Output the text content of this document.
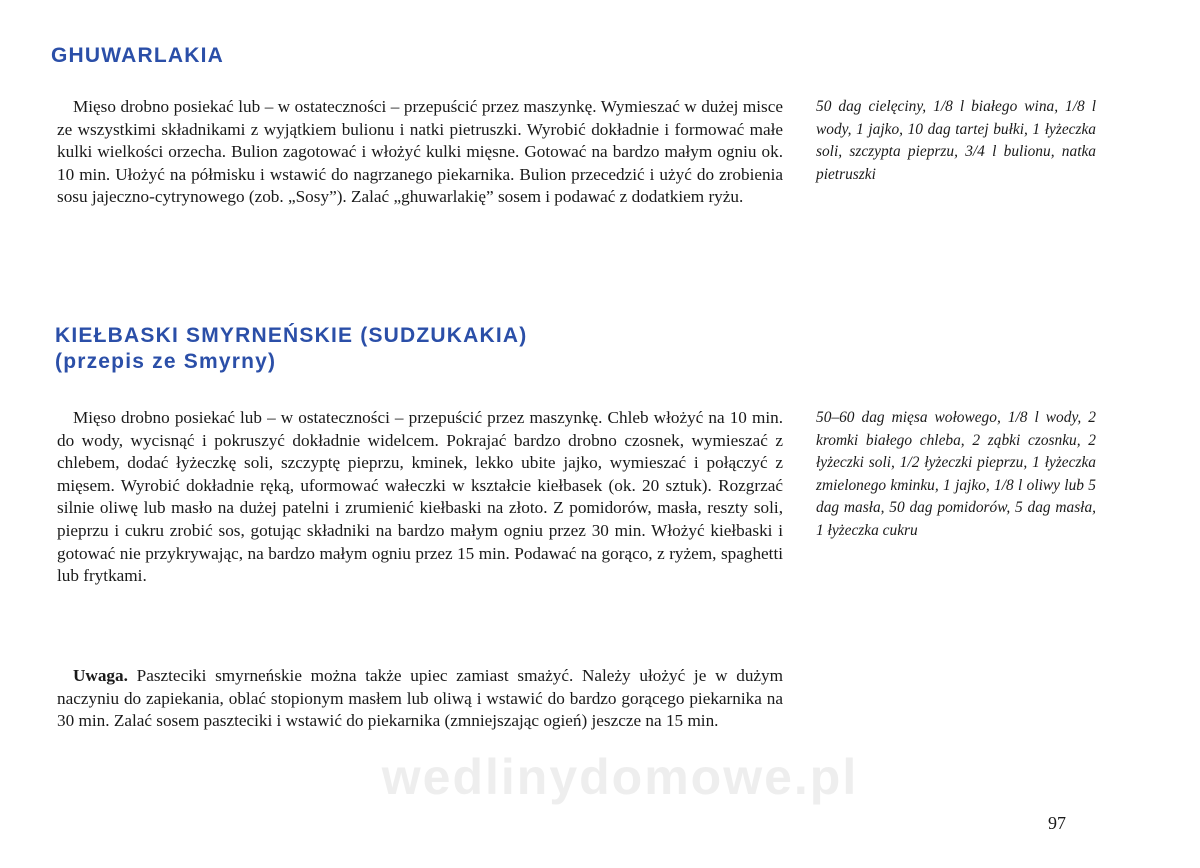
GHUWARLAKIA

Mięso drobno posiekać lub – w ostateczności – przepuścić przez maszynkę. Wymieszać w dużej misce ze wszystkimi składnikami z wyjątkiem bulionu i natki pietruszki. Wyrobić dokładnie i formować małe kulki wielkości orzecha. Bulion zagotować i włożyć kulki mięsne. Gotować na bardzo małym ogniu ok. 10 min. Ułożyć na półmisku i wstawić do nagrzanego piekarnika. Bulion przecedzić i użyć do zrobienia sosu jajeczno-cytrynowego (zob. „Sosy”). Zalać „ghuwarlakię” sosem i podawać z dodatkiem ryżu.

50 dag cielęciny, 1/8 l białego wina, 1/8 l wody, 1 jajko, 10 dag tartej bułki, 1 łyżeczka soli, szczypta pieprzu, 3/4 l bulionu, natka pietruszki

KIEŁBASKI SMYRNEŃSKIE (SUDZUKAKIA)
(przepis ze Smyrny)

Mięso drobno posiekać lub – w ostateczności – przepuścić przez maszynkę. Chleb włożyć na 10 min. do wody, wycisnąć i pokruszyć dokładnie widelcem. Pokrajać bardzo drobno czosnek, wymieszać z chlebem, dodać łyżeczkę soli, szczyptę pieprzu, kminek, lekko ubite jajko, wymieszać i połączyć z mięsem. Wyrobić dokładnie ręką, uformować wałeczki w kształcie kiełbasek (ok. 20 sztuk). Rozgrzać silnie oliwę lub masło na dużej patelni i zrumienić kiełbaski na złoto. Z pomidorów, masła, reszty soli, pieprzu i cukru zrobić sos, gotując składniki na bardzo małym ogniu przez 30 min. Włożyć kiełbaski i gotować nie przykrywając, na bardzo małym ogniu przez 15 min. Podawać na gorąco, z ryżem, spaghetti lub frytkami.

Uwaga. Paszteciki smyrneńskie można także upiec zamiast smażyć. Należy ułożyć je w dużym naczyniu do zapiekania, oblać stopionym masłem lub oliwą i wstawić do bardzo gorącego piekarnika na 30 min. Zalać sosem paszteciki i wstawić do piekarnika (zmniejszając ogień) jeszcze na 15 min.

50–60 dag mięsa wołowego, 1/8 l wody, 2 kromki białego chleba, 2 ząbki czosnku, 2 łyżeczki soli, 1/2 łyżeczki pieprzu, 1 łyżeczka zmielonego kminku, 1 jajko, 1/8 l oliwy lub 5 dag masła, 50 dag pomidorów, 5 dag masła, 1 łyżeczka cukru

wedlinydomowe.pl
97
